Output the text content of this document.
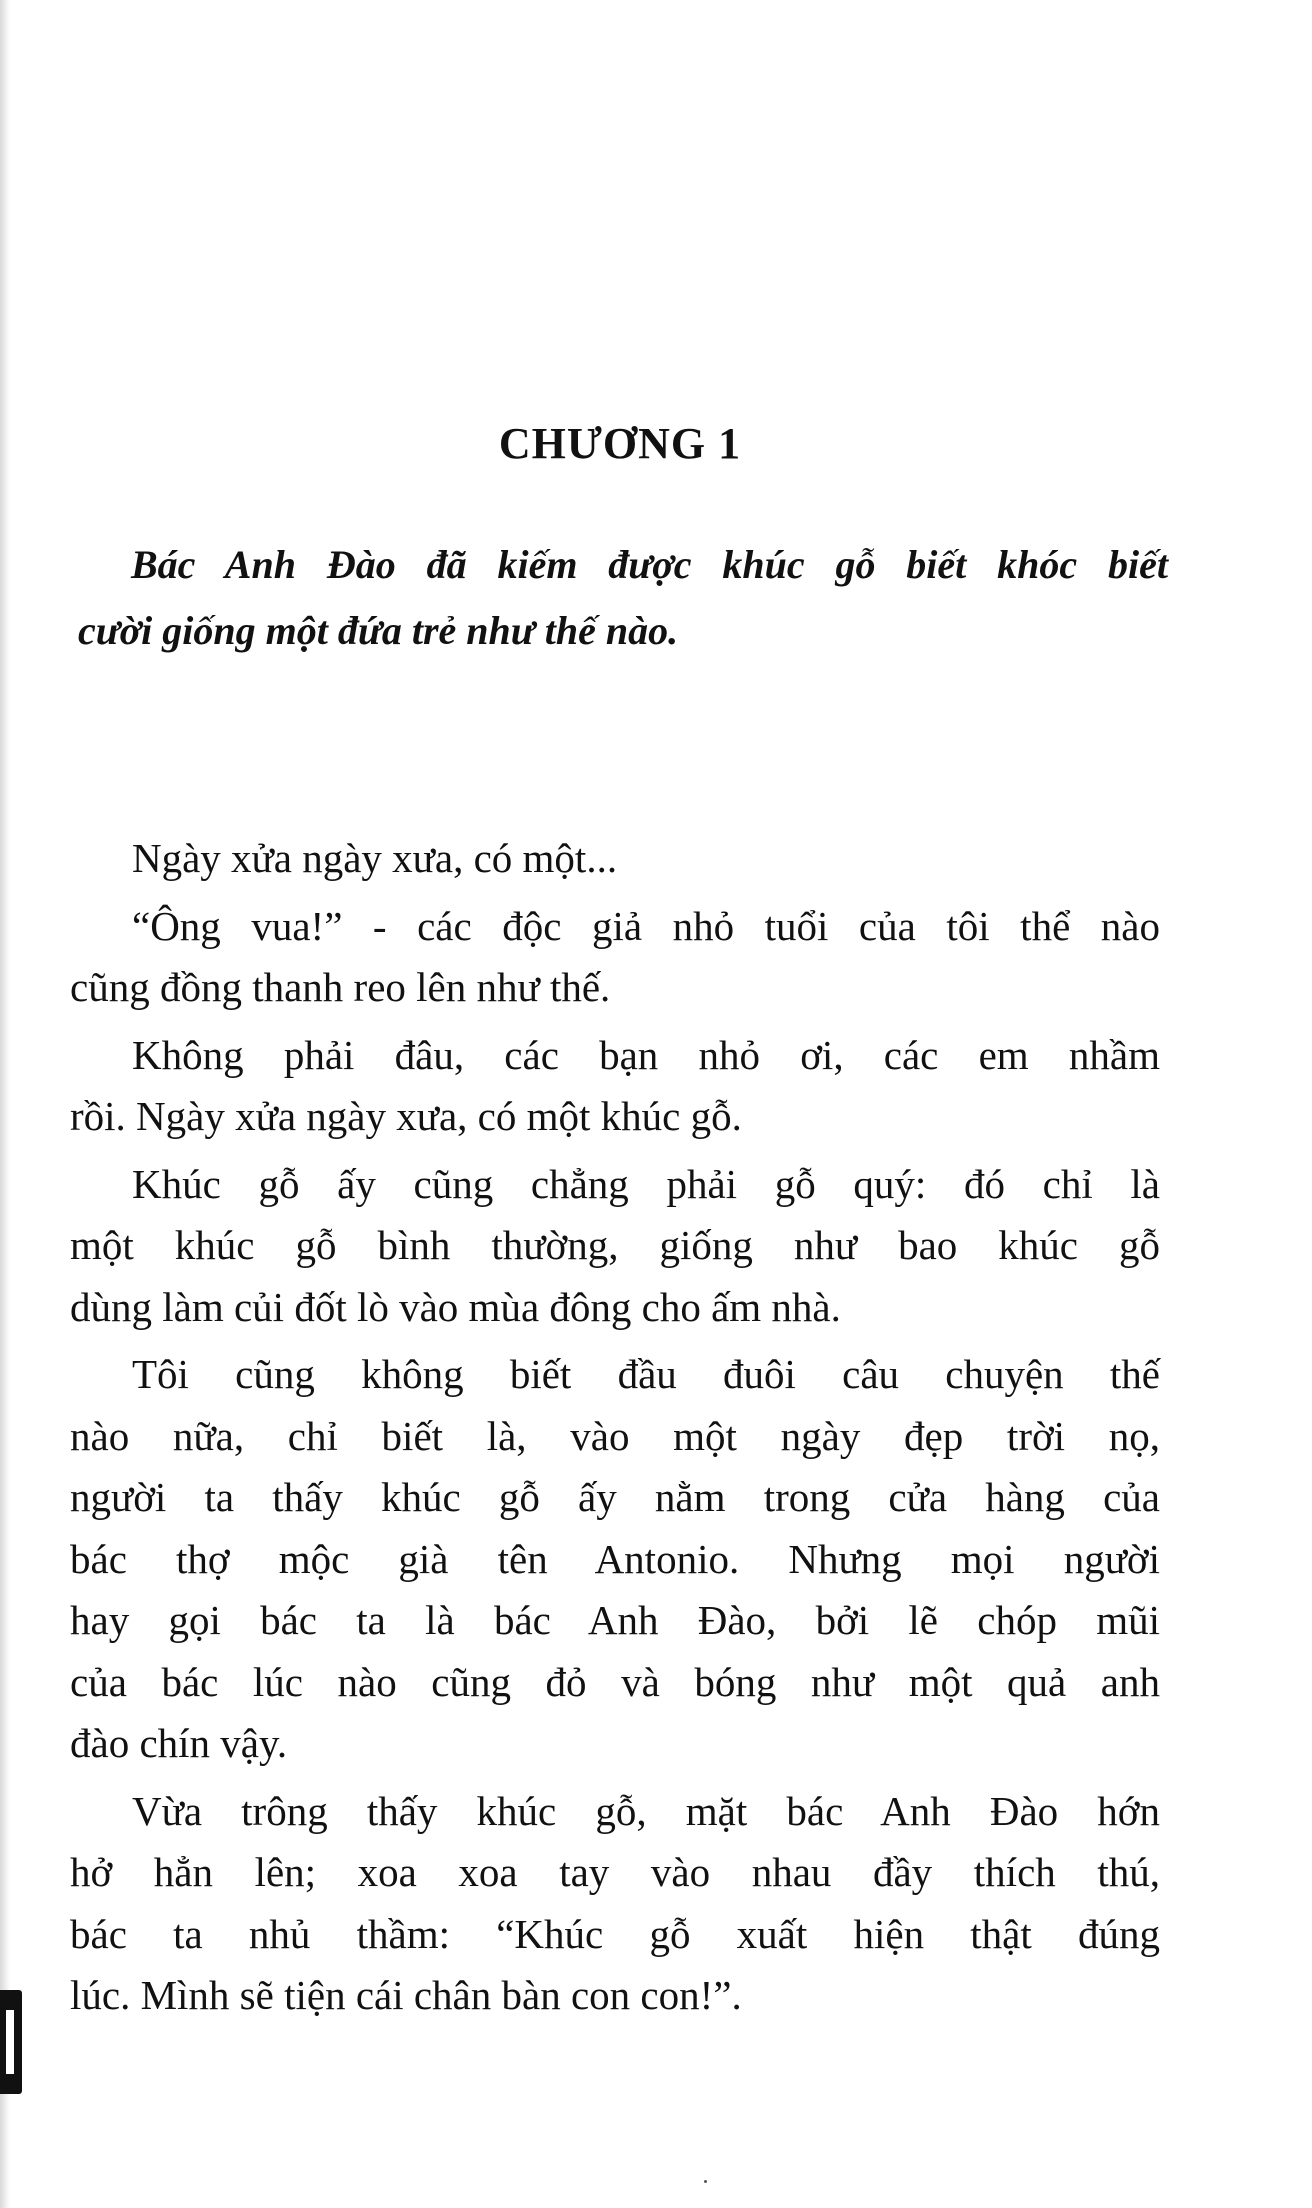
CHƯƠNG 1
Bác Anh Đào đã kiếm được khúc gỗ biết khóc biết
cười giống một đứa trẻ như thế nào.
Ngày xửa ngày xưa, có một...
“Ông vua!” - các độc giả nhỏ tuổi của tôi thể nào
cũng đồng thanh reo lên như thế.
Không phải đâu, các bạn nhỏ ơi, các em nhầm
rồi. Ngày xửa ngày xưa, có một khúc gỗ.
Khúc gỗ ấy cũng chẳng phải gỗ quý: đó chỉ là
một khúc gỗ bình thường, giống như bao khúc gỗ
dùng làm củi đốt lò vào mùa đông cho ấm nhà.
Tôi cũng không biết đầu đuôi câu chuyện thế
nào nữa, chỉ biết là, vào một ngày đẹp trời nọ,
người ta thấy khúc gỗ ấy nằm trong cửa hàng của
bác thợ mộc già tên Antonio. Nhưng mọi người
hay gọi bác ta là bác Anh Đào, bởi lẽ chóp mũi
của bác lúc nào cũng đỏ và bóng như một quả anh
đào chín vậy.
Vừa trông thấy khúc gỗ, mặt bác Anh Đào hớn
hở hẳn lên; xoa xoa tay vào nhau đầy thích thú,
bác ta nhủ thầm: “Khúc gỗ xuất hiện thật đúng
lúc. Mình sẽ tiện cái chân bàn con con!”.
